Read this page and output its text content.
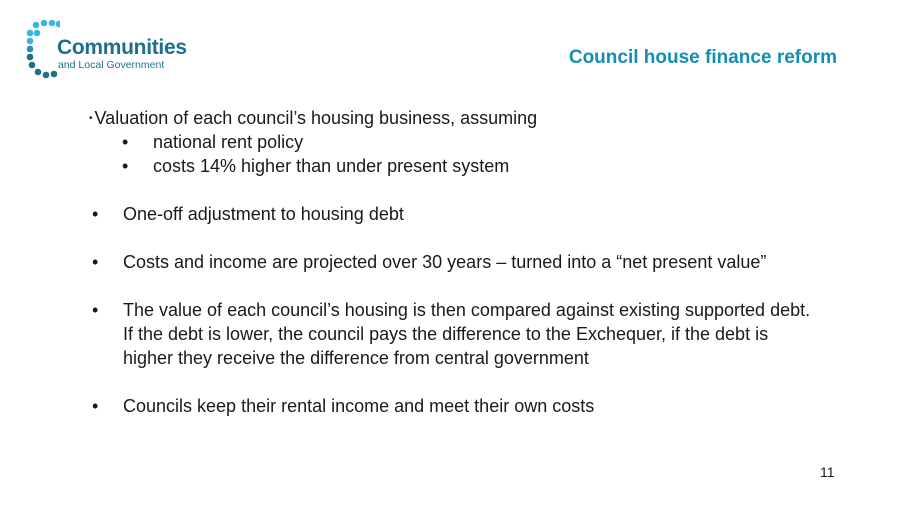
Communities
and Local Government	Council house finance reform
• Valuation of each council’s housing business, assuming
• national rent policy
• costs 14% higher than under present system
•	One-off adjustment to housing debt
•	Costs and income are projected over 30 years – turned into a “net present value”
•	The value of each council’s housing is then compared against existing supported debt. If the debt is lower, the council pays the difference to the Exchequer, if the debt is higher they receive the difference from central government
•	Councils keep their rental income and meet their own costs
11
